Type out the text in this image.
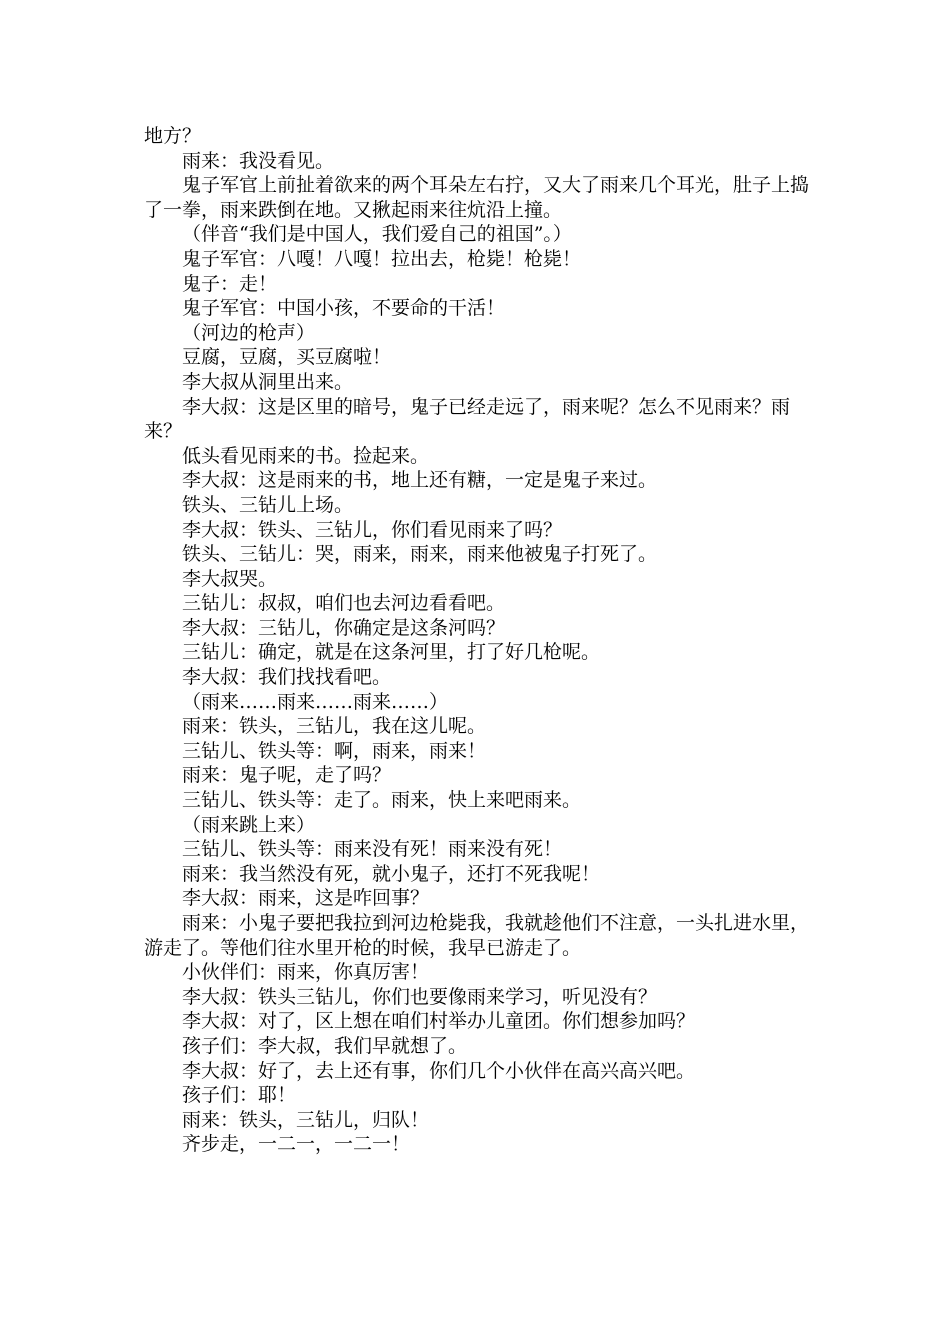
地方？

雨来：我没看见。

鬼子军官上前扯着欲来的两个耳朵左右拧，又大了雨来几个耳光，肚子上捣了一拳，雨来跌倒在地。又揪起雨来往炕沿上撞。

（伴音“我们是中国人，我们爱自己的祖国”。）

鬼子军官：八嘎！八嘎！拉出去，枪毙！枪毙！

鬼子：走！

鬼子军官：中国小孩，不要命的干活！

（河边的枪声）

豆腐，豆腐，买豆腐啦！

李大叔从洞里出来。

李大叔：这是区里的暗号，鬼子已经走远了，雨来呢？怎么不见雨来？雨来？

低头看见雨来的书。捡起来。

李大叔：这是雨来的书，地上还有糖，一定是鬼子来过。

铁头、三钻儿上场。

李大叔：铁头、三钻儿，你们看见雨来了吗？

铁头、三钻儿：哭，雨来，雨来，雨来他被鬼子打死了。

李大叔哭。

三钻儿：叔叔，咱们也去河边看看吧。

李大叔：三钻儿，你确定是这条河吗？

三钻儿：确定，就是在这条河里，打了好几枪呢。

李大叔：我们找找看吧。

（雨来……雨来……雨来……）

雨来：铁头，三钻儿，我在这儿呢。

三钻儿、铁头等：啊，雨来，雨来！

雨来：鬼子呢，走了吗？

三钻儿、铁头等：走了。雨来，快上来吧雨来。

（雨来跳上来）

三钻儿、铁头等：雨来没有死！雨来没有死！

雨来：我当然没有死，就小鬼子，还打不死我呢！

李大叔：雨来，这是咋回事？

雨来：小鬼子要把我拉到河边枪毙我，我就趁他们不注意，一头扎进水里，游走了。等他们往水里开枪的时候，我早已游走了。

小伙伴们：雨来，你真厉害！

李大叔：铁头三钻儿，你们也要像雨来学习，听见没有？

李大叔：对了，区上想在咱们村举办儿童团。你们想参加吗？

孩子们：李大叔，我们早就想了。

李大叔：好了，去上还有事，你们几个小伙伴在高兴高兴吧。

孩子们：耶！

雨来：铁头，三钻儿，归队！

齐步走，一二一，一二一！
